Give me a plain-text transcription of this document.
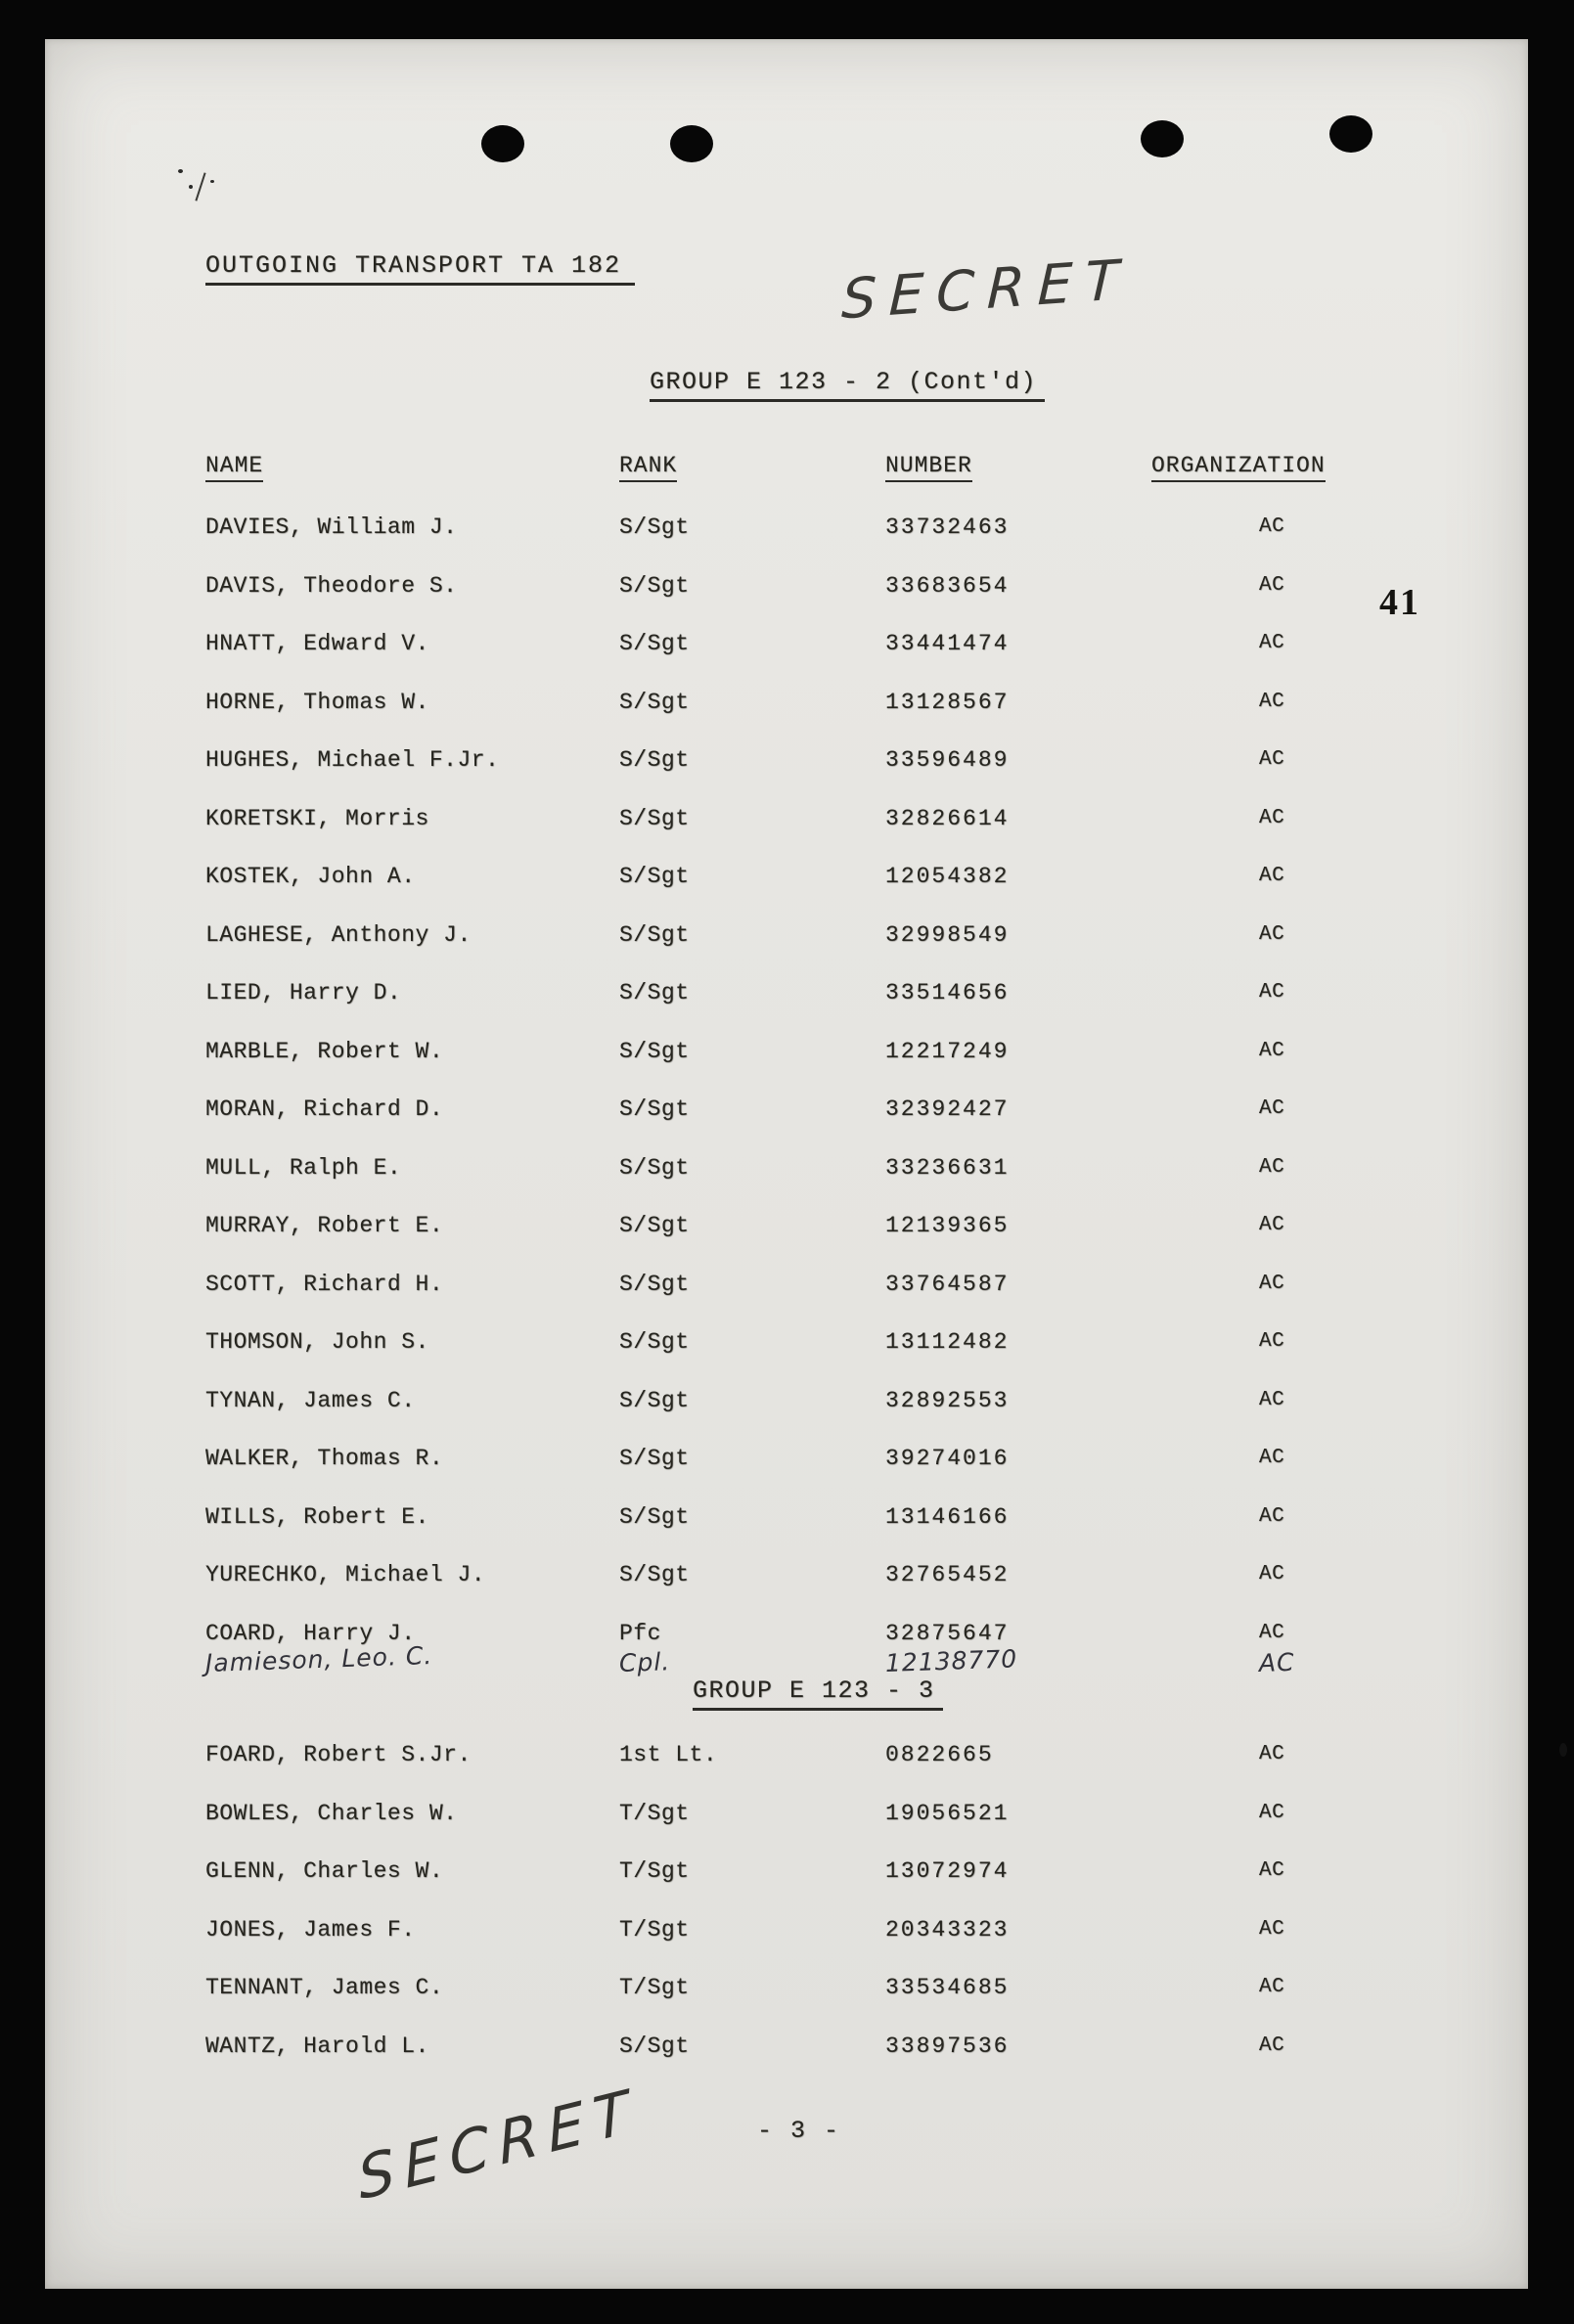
OUTGOING TRANSPORT TA 182	SECRET
GROUP E 123 - 2 (Cont'd)
NAME	RANK	NUMBER	ORGANIZATION
41
DAVIES, William J.	S/Sgt	33732463	AC
DAVIS, Theodore S.	S/Sgt	33683654	AC
HNATT, Edward V.	S/Sgt	33441474	AC
HORNE, Thomas W.	S/Sgt	13128567	AC
HUGHES, Michael F.Jr.	S/Sgt	33596489	AC
KORETSKI, Morris	S/Sgt	32826614	AC
KOSTEK, John A.	S/Sgt	12054382	AC
LAGHESE, Anthony J.	S/Sgt	32998549	AC
LIED, Harry D.	S/Sgt	33514656	AC
MARBLE, Robert W.	S/Sgt	12217249	AC
MORAN, Richard D.	S/Sgt	32392427	AC
MULL, Ralph E.	S/Sgt	33236631	AC
MURRAY, Robert E.	S/Sgt	12139365	AC
SCOTT, Richard H.	S/Sgt	33764587	AC
THOMSON, John S.	S/Sgt	13112482	AC
TYNAN, James C.	S/Sgt	32892553	AC
WALKER, Thomas R.	S/Sgt	39274016	AC
WILLS, Robert E.	S/Sgt	13146166	AC
YURECHKO, Michael J.	S/Sgt	32765452	AC
COARD, Harry J.	Pfc	32875647	AC
Jamieson, Leo. C.	Cpl.	12138770	AC
GROUP E 123 - 3
FOARD, Robert S.Jr.	1st Lt.	0822665	AC
BOWLES, Charles W.	T/Sgt	19056521	AC
GLENN, Charles W.	T/Sgt	13072974	AC
JONES, James F.	T/Sgt	20343323	AC
TENNANT, James C.	T/Sgt	33534685	AC
WANTZ, Harold L.	S/Sgt	33897536	AC
- 3 -
SECRET
